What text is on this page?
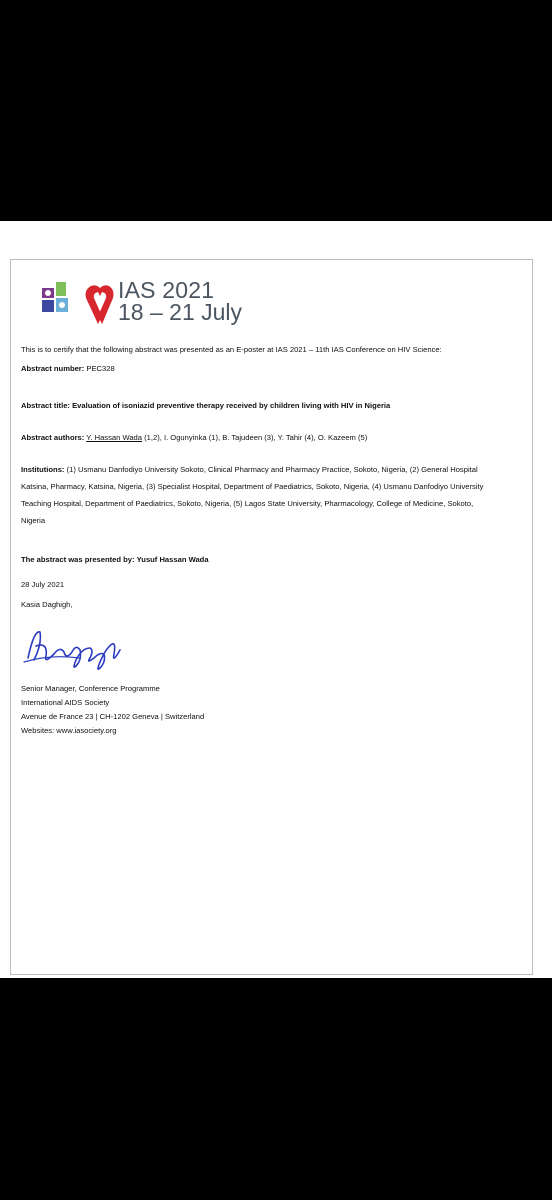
IAS 2021
18 – 21 July
This is to certify that the following abstract was presented as an E-poster at IAS 2021 – 11th IAS Conference on HIV Science:
Abstract number: PEC328
Abstract title: Evaluation of isoniazid preventive therapy received by children living with HIV in Nigeria
Abstract authors: Y. Hassan Wada (1,2), I. Ogunyinka (1), B. Tajudeen (3), Y. Tahir (4), O. Kazeem (5)
Institutions: (1) Usmanu Danfodiyo University Sokoto, Clinical Pharmacy and Pharmacy Practice, Sokoto, Nigeria, (2) General Hospital
Katsina, Pharmacy, Katsina, Nigeria, (3) Specialist Hospital, Department of Paediatrics, Sokoto, Nigeria, (4) Usmanu Danfodiyo University
Teaching Hospital, Department of Paediatrics, Sokoto, Nigeria, (5) Lagos State University, Pharmacology, College of Medicine, Sokoto,
Nigeria
The abstract was presented by: Yusuf Hassan Wada
28 July 2021
Kasia Daghigh,
Senior Manager, Conference Programme
International AIDS Society
Avenue de France 23 | CH-1202 Geneva | Switzerland
Websites: www.iasociety.org
